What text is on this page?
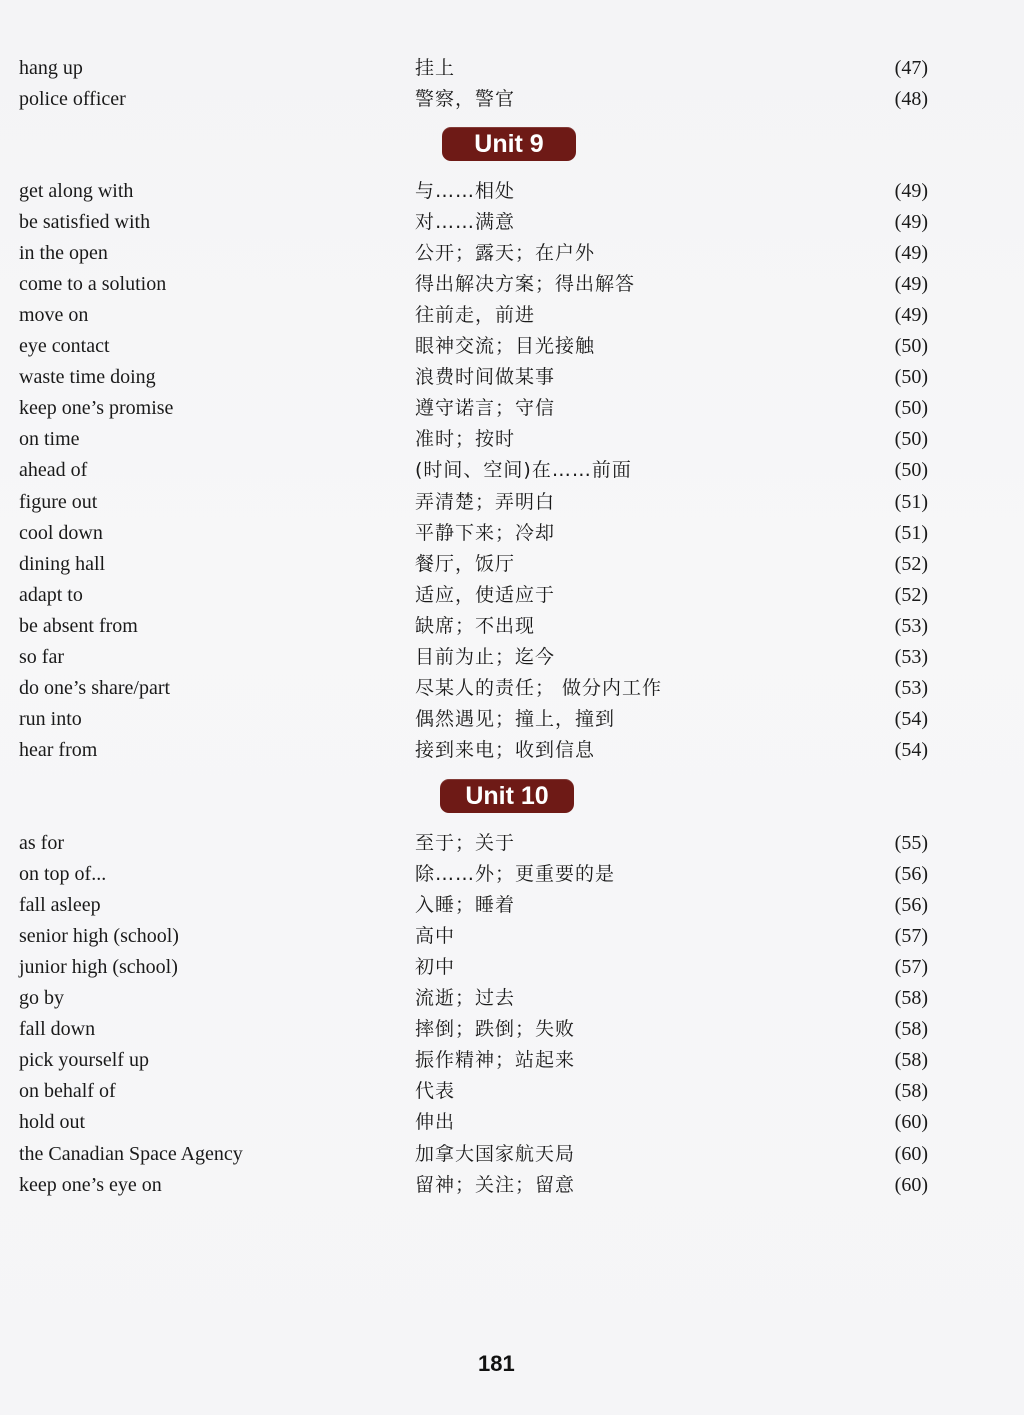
hang up	挂上	(47)
police officer	警察，警官	(48)
Unit 9
get along with	与……相处	(49)
be satisfied with	对……满意	(49)
in the open	公开；露天；在户外	(49)
come to a solution	得出解决方案；得出解答	(49)
move on	往前走，前进	(49)
eye contact	眼神交流；目光接触	(50)
waste time doing	浪费时间做某事	(50)
keep one’s promise	遵守诺言；守信	(50)
on time	准时；按时	(50)
ahead of	(时间、空间)在……前面	(50)
figure out	弄清楚；弄明白	(51)
cool down	平静下来；冷却	(51)
dining hall	餐厅，饭厅	(52)
adapt to	适应，使适应于	(52)
be absent from	缺席；不出现	(53)
so far	目前为止；迄今	(53)
do one’s share/part	尽某人的责任； 做分内工作	(53)
run into	偶然遇见；撞上，撞到	(54)
hear from	接到来电；收到信息	(54)
Unit 10
as for	至于；关于	(55)
on top of...	除……外；更重要的是	(56)
fall asleep	入睡；睡着	(56)
senior high (school)	高中	(57)
junior high (school)	初中	(57)
go by	流逝；过去	(58)
fall down	摔倒；跌倒；失败	(58)
pick yourself up	振作精神；站起来	(58)
on behalf of	代表	(58)
hold out	伸出	(60)
the Canadian Space Agency	加拿大国家航天局	(60)
keep one’s eye on	留神；关注；留意	(60)
181
